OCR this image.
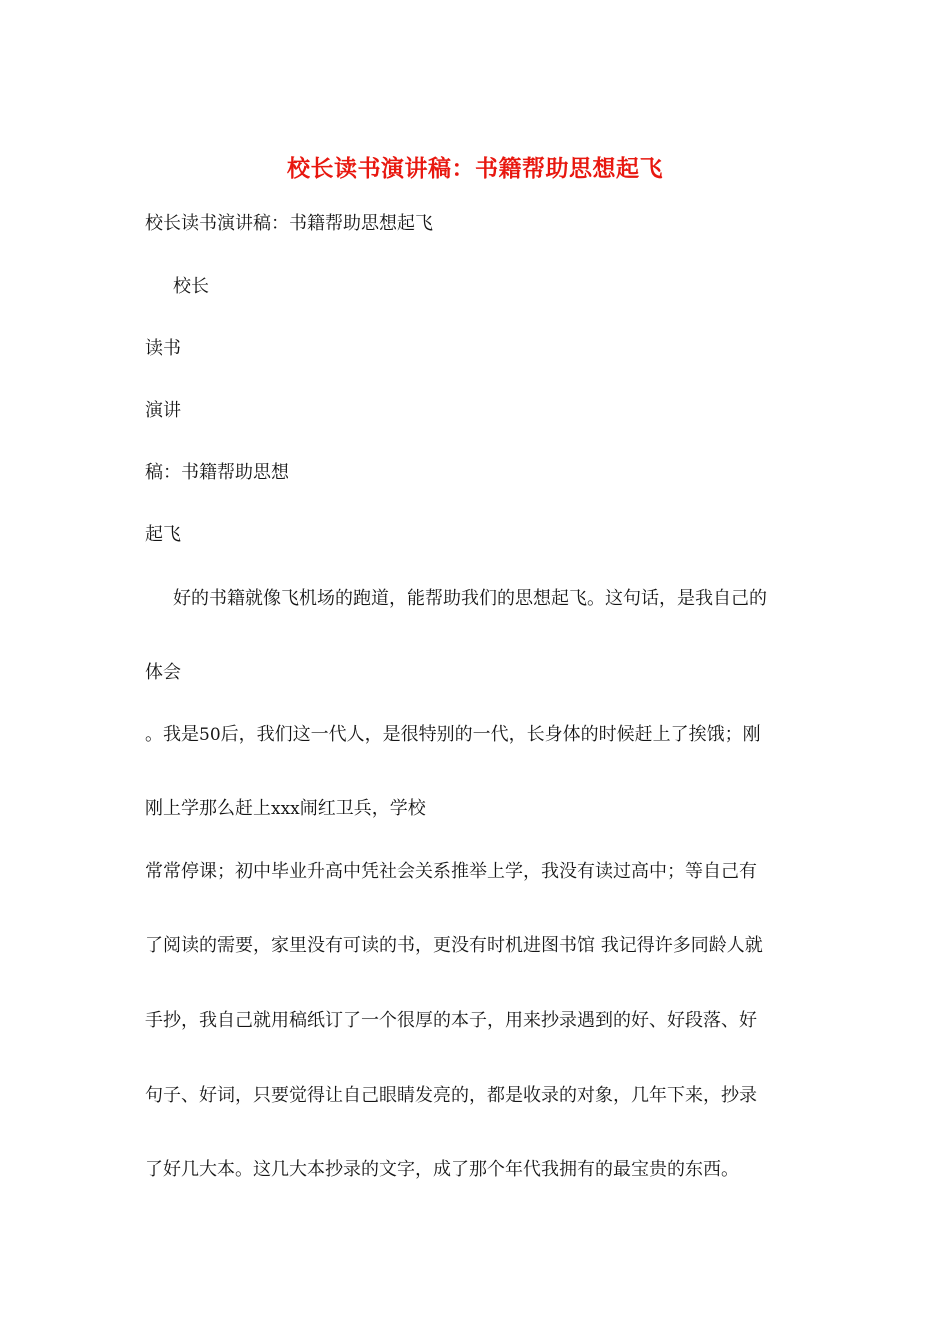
校长读书演讲稿：书籍帮助思想起飞
校长读书演讲稿：书籍帮助思想起飞
校长
读书
演讲
稿：书籍帮助思想
起飞
好的书籍就像飞机场的跑道，能帮助我们的思想起飞。这句话，是我自己的
体会
。我是50后，我们这一代人，是很特别的一代，长身体的时候赶上了挨饿；刚
刚上学那么赶上xxx闹红卫兵，学校
常常停课；初中毕业升高中凭社会关系推举上学，我没有读过高中；等自己有
了阅读的需要，家里没有可读的书，更没有时机进图书馆 我记得许多同龄人就
手抄，我自己就用稿纸订了一个很厚的本子，用来抄录遇到的好、好段落、好
句子、好词，只要觉得让自己眼睛发亮的，都是收录的对象，几年下来，抄录
了好几大本。这几大本抄录的文字，成了那个年代我拥有的最宝贵的东西。
